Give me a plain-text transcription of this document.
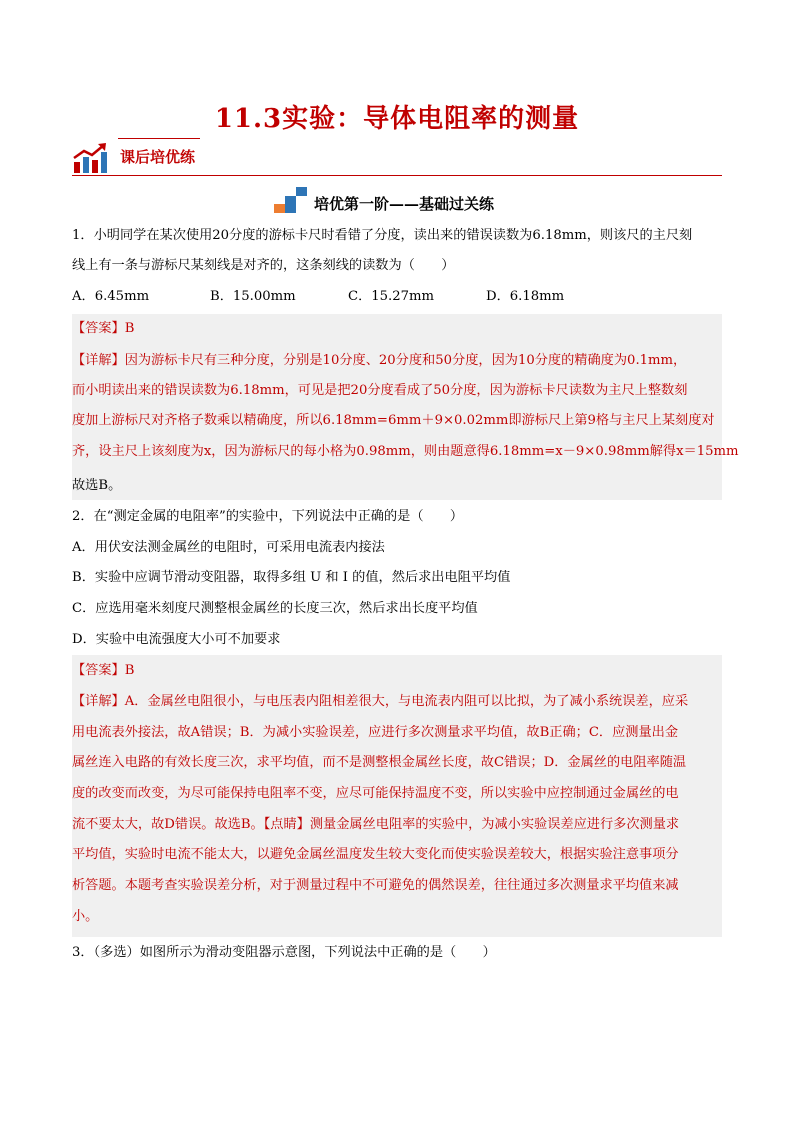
11.3实验：导体电阻率的测量
课后培优练
培优第一阶——基础过关练
1．小明同学在某次使用20分度的游标卡尺时看错了分度，读出来的错误读数为6.18mm，则该尺的主尺刻
线上有一条与游标尺某刻线是对齐的，这条刻线的读数为（　　）
A．6.45mm	B．15.00mm	C．15.27mm	D．6.18mm
【答案】B
【详解】因为游标卡尺有三种分度，分别是10分度、20分度和50分度，因为10分度的精确度为0.1mm，
而小明读出来的错误读数为6.18mm，可见是把20分度看成了50分度，因为游标卡尺读数为主尺上整数刻
度加上游标尺对齐格子数乘以精确度，所以6.18mm=6mm＋9×0.02mm即游标尺上第9格与主尺上某刻度对
齐，设主尺上该刻度为x，因为游标尺的每小格为0.98mm，则由题意得6.18mm=x－9×0.98mm解得x＝15mm
故选B。
2．在“测定金属的电阻率”的实验中，下列说法中正确的是（　　）
A．用伏安法测金属丝的电阻时，可采用电流表内接法
B．实验中应调节滑动变阻器，取得多组 U 和 I 的值，然后求出电阻平均值
C．应选用毫米刻度尺测整根金属丝的长度三次，然后求出长度平均值
D．实验中电流强度大小可不加要求
【答案】B
【详解】A．金属丝电阻很小，与电压表内阻相差很大，与电流表内阻可以比拟，为了减小系统误差，应采
用电流表外接法，故A错误；B．为减小实验误差，应进行多次测量求平均值，故B正确；C．应测量出金
属丝连入电路的有效长度三次，求平均值，而不是测整根金属丝长度，故C错误；D．金属丝的电阻率随温
度的改变而改变，为尽可能保持电阻率不变，应尽可能保持温度不变，所以实验中应控制通过金属丝的电
流不要太大，故D错误。故选B。【点睛】测量金属丝电阻率的实验中，为减小实验误差应进行多次测量求
平均值，实验时电流不能太大，以避免金属丝温度发生较大变化而使实验误差较大，根据实验注意事项分
析答题。本题考查实验误差分析，对于测量过程中不可避免的偶然误差，往往通过多次测量求平均值来减
小。
3．（多选）如图所示为滑动变阻器示意图，下列说法中正确的是（　　）
